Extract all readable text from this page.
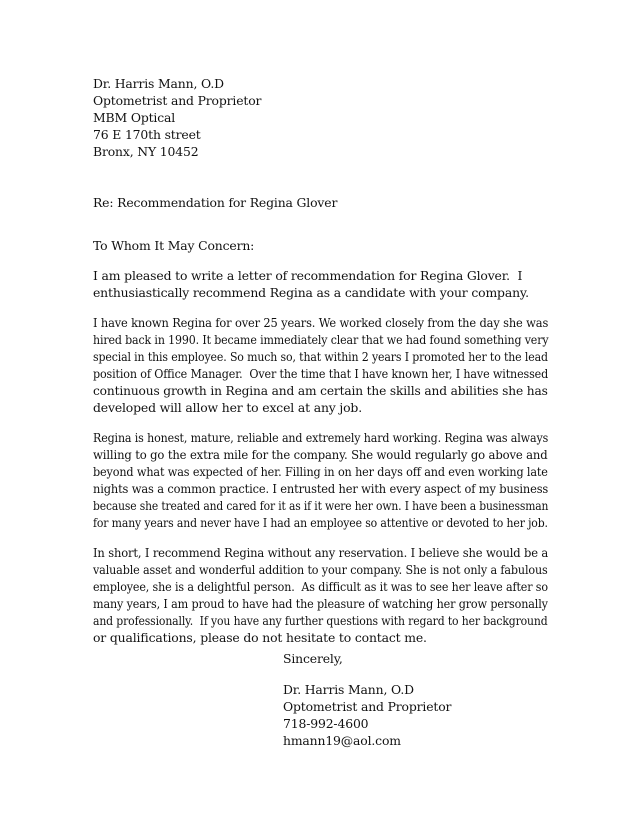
Dr. Harris Mann, O.D
Optometrist and Proprietor
MBM Optical
76 E 170th street
Bronx, NY 10452
Re: Recommendation for Regina Glover
To Whom It May Concern:
I am pleased to write a letter of recommendation for Regina Glover.  I
enthusiastically recommend Regina as a candidate with your company.
I have known Regina for over 25 years. We worked closely from the day she was
hired back in 1990. It became immediately clear that we had found something very
special in this employee. So much so, that within 2 years I promoted her to the lead
position of Office Manager.  Over the time that I have known her, I have witnessed
continuous growth in Regina and am certain the skills and abilities she has
developed will allow her to excel at any job.
Regina is honest, mature, reliable and extremely hard working. Regina was always
willing to go the extra mile for the company. She would regularly go above and
beyond what was expected of her. Filling in on her days off and even working late
nights was a common practice. I entrusted her with every aspect of my business
because she treated and cared for it as if it were her own. I have been a businessman
for many years and never have I had an employee so attentive or devoted to her job.
In short, I recommend Regina without any reservation. I believe she would be a
valuable asset and wonderful addition to your company. She is not only a fabulous
employee, she is a delightful person.  As difficult as it was to see her leave after so
many years, I am proud to have had the pleasure of watching her grow personally
and professionally.  If you have any further questions with regard to her background
or qualifications, please do not hesitate to contact me.
Sincerely,
Dr. Harris Mann, O.D
Optometrist and Proprietor
718-992-4600
hmann19@aol.com
